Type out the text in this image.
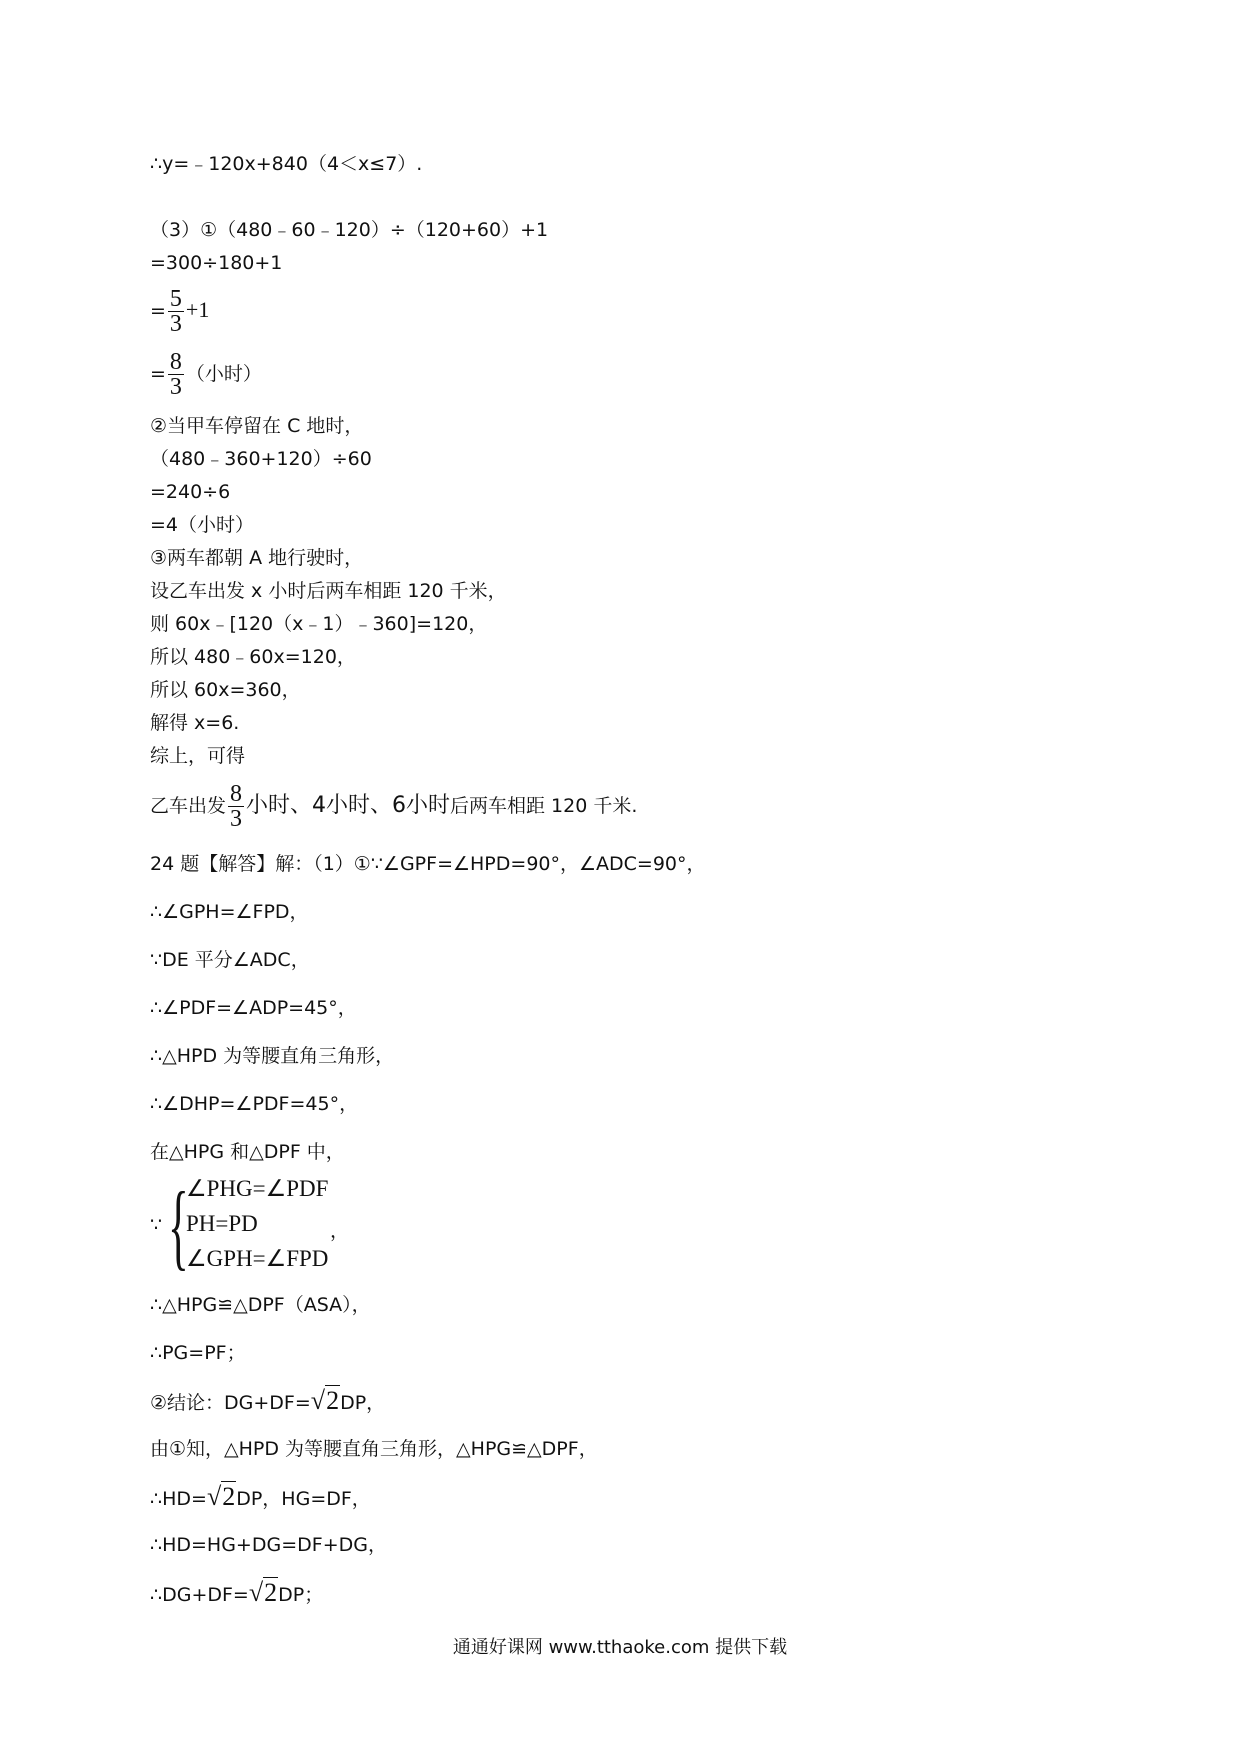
∴y=﹣120x+840（4＜x≤7）.
（3）①（480﹣60﹣120）÷（120+60）+1
=300÷180+1
= $\frac{5}{3} +1$
= $\frac{8}{3}$ （小时）
②当甲车停留在 C 地时，
（480﹣360+120）÷60
=240÷6
=4（小时）
③两车都朝 A 地行驶时，
设乙车出发 x 小时后两车相距 120 千米，
则 60x﹣[120（x﹣1）﹣360]=120，
所以 480﹣60x=120，
所以 60x=360，
解得 x=6.
综上，可得
乙车出发 $\frac{8}{3}$ 小时、4小时、6小时后两车相距 120 千米.
24 题【解答】解：（1）①∵∠GPF=∠HPD=90°，∠ADC=90°，
∴∠GPH=∠FPD，
∵DE 平分∠ADC，
∴∠PDF=∠ADP=45°，
∴△HPD 为等腰直角三角形，
∴∠DHP=∠PDF=45°，
在△HPG 和△DPF 中，
∵ {
∠PHG=∠PDF
PH=PD
∠GPH=∠FPD
，
∴△HPG≌△DPF（ASA），
∴PG=PF；
②结论：DG+DF=√2DP，
由①知，△HPD 为等腰直角三角形，△HPG≌△DPF，
∴HD=√2DP，HG=DF，
∴HD=HG+DG=DF+DG，
∴DG+DF=√2DP；
通通好课网 www.tthaoke.com 提供下载
